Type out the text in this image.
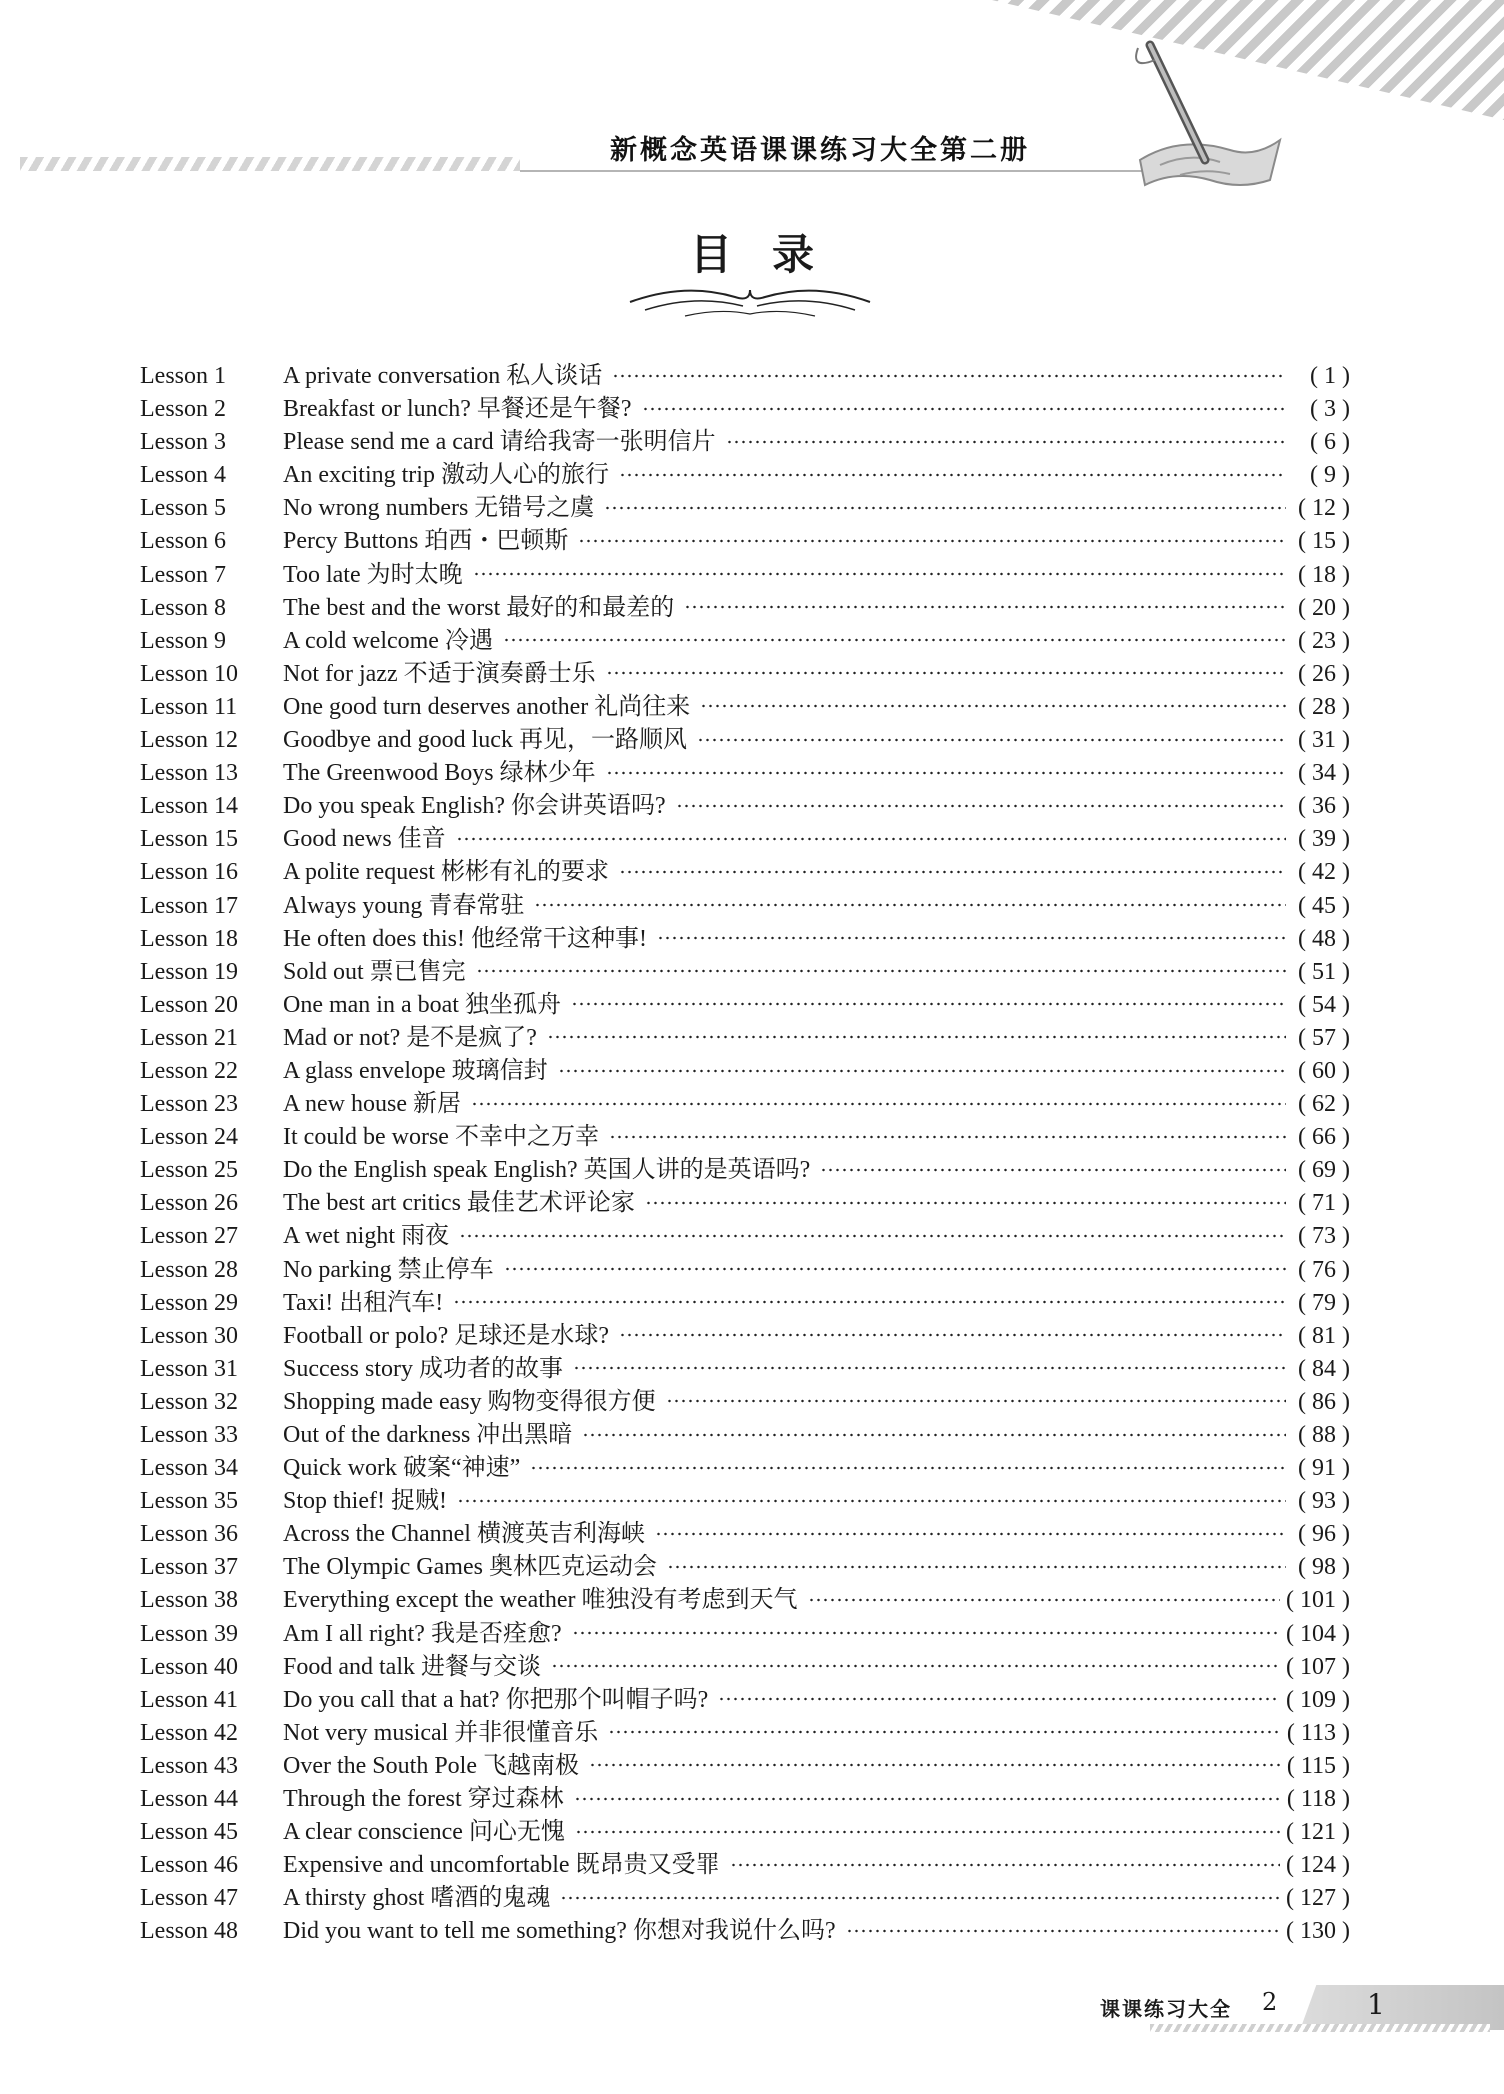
新概念英语课课练习大全第二册
目录
Lesson 1	A private conversation 私人谈话	( 1 )
Lesson 2	Breakfast or lunch? 早餐还是午餐?	( 3 )
Lesson 3	Please send me a card 请给我寄一张明信片	( 6 )
Lesson 4	An exciting trip 激动人心的旅行	( 9 )
Lesson 5	No wrong numbers 无错号之虞	( 12 )
Lesson 6	Percy Buttons 珀西・巴顿斯	( 15 )
Lesson 7	Too late 为时太晚	( 18 )
Lesson 8	The best and the worst 最好的和最差的	( 20 )
Lesson 9	A cold welcome 冷遇	( 23 )
Lesson 10	Not for jazz 不适于演奏爵士乐	( 26 )
Lesson 11	One good turn deserves another 礼尚往来	( 28 )
Lesson 12	Goodbye and good luck 再见，一路顺风	( 31 )
Lesson 13	The Greenwood Boys 绿林少年	( 34 )
Lesson 14	Do you speak English? 你会讲英语吗?	( 36 )
Lesson 15	Good news 佳音	( 39 )
Lesson 16	A polite request 彬彬有礼的要求	( 42 )
Lesson 17	Always young 青春常驻	( 45 )
Lesson 18	He often does this! 他经常干这种事!	( 48 )
Lesson 19	Sold out 票已售完	( 51 )
Lesson 20	One man in a boat 独坐孤舟	( 54 )
Lesson 21	Mad or not? 是不是疯了?	( 57 )
Lesson 22	A glass envelope 玻璃信封	( 60 )
Lesson 23	A new house 新居	( 62 )
Lesson 24	It could be worse 不幸中之万幸	( 66 )
Lesson 25	Do the English speak English? 英国人讲的是英语吗?	( 69 )
Lesson 26	The best art critics 最佳艺术评论家	( 71 )
Lesson 27	A wet night 雨夜	( 73 )
Lesson 28	No parking 禁止停车	( 76 )
Lesson 29	Taxi! 出租汽车!	( 79 )
Lesson 30	Football or polo? 足球还是水球?	( 81 )
Lesson 31	Success story 成功者的故事	( 84 )
Lesson 32	Shopping made easy 购物变得很方便	( 86 )
Lesson 33	Out of the darkness 冲出黑暗	( 88 )
Lesson 34	Quick work 破案“神速”	( 91 )
Lesson 35	Stop thief! 捉贼!	( 93 )
Lesson 36	Across the Channel 横渡英吉利海峡	( 96 )
Lesson 37	The Olympic Games 奥林匹克运动会	( 98 )
Lesson 38	Everything except the weather 唯独没有考虑到天气	( 101 )
Lesson 39	Am I all right? 我是否痊愈?	( 104 )
Lesson 40	Food and talk 进餐与交谈	( 107 )
Lesson 41	Do you call that a hat? 你把那个叫帽子吗?	( 109 )
Lesson 42	Not very musical 并非很懂音乐	( 113 )
Lesson 43	Over the South Pole 飞越南极	( 115 )
Lesson 44	Through the forest 穿过森林	( 118 )
Lesson 45	A clear conscience 问心无愧	( 121 )
Lesson 46	Expensive and uncomfortable 既昂贵又受罪	( 124 )
Lesson 47	A thirsty ghost 嗜酒的鬼魂	( 127 )
Lesson 48	Did you want to tell me something? 你想对我说什么吗?	( 130 )
课课练习大全 2	1
